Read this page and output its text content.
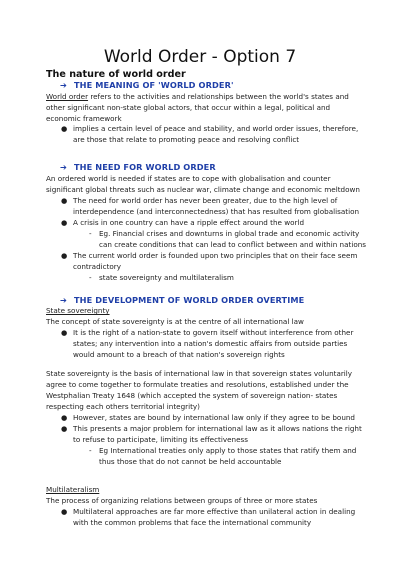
World Order - Option 7
The nature of world order
➔ THE MEANING OF 'WORLD ORDER'
World order refers to the activities and relationships between the world's states and
other significant non-state global actors, that occur within a legal, political and
economic framework
● implies a certain level of peace and stability, and world order issues, therefore,
are those that relate to promoting peace and resolving conflict
➔ THE NEED FOR WORLD ORDER
An ordered world is needed if states are to cope with globalisation and counter
significant global threats such as nuclear war, climate change and economic meltdown
● The need for world order has never been greater, due to the high level of
interdependence (and interconnectedness) that has resulted from globalisation
● A crisis in one country can have a ripple effect around the world
- Eg. Financial crises and downturns in global trade and economic activity
can create conditions that can lead to conflict between and within nations
● The current world order is founded upon two principles that on their face seem
contradictory
- state sovereignty and multilateralism
➔ THE DEVELOPMENT OF WORLD ORDER OVERTIME
State sovereignty
The concept of state sovereignty is at the centre of all international law
● It is the right of a nation-state to govern itself without interference from other
states; any intervention into a nation's domestic affairs from outside parties
would amount to a breach of that nation's sovereign rights
State sovereignty is the basis of international law in that sovereign states voluntarily
agree to come together to formulate treaties and resolutions, established under the
Westphalian Treaty 1648 (which accepted the system of sovereign nation- states
respecting each others territorial integrity)
● However, states are bound by international law only if they agree to be bound
● This presents a major problem for international law as it allows nations the right
to refuse to participate, limiting its effectiveness
- Eg International treaties only apply to those states that ratify them and
thus those that do not cannot be held accountable
Multilateralism
The process of organizing relations between groups of three or more states
● Multilateral approaches are far more effective than unilateral action in dealing
with the common problems that face the international community
